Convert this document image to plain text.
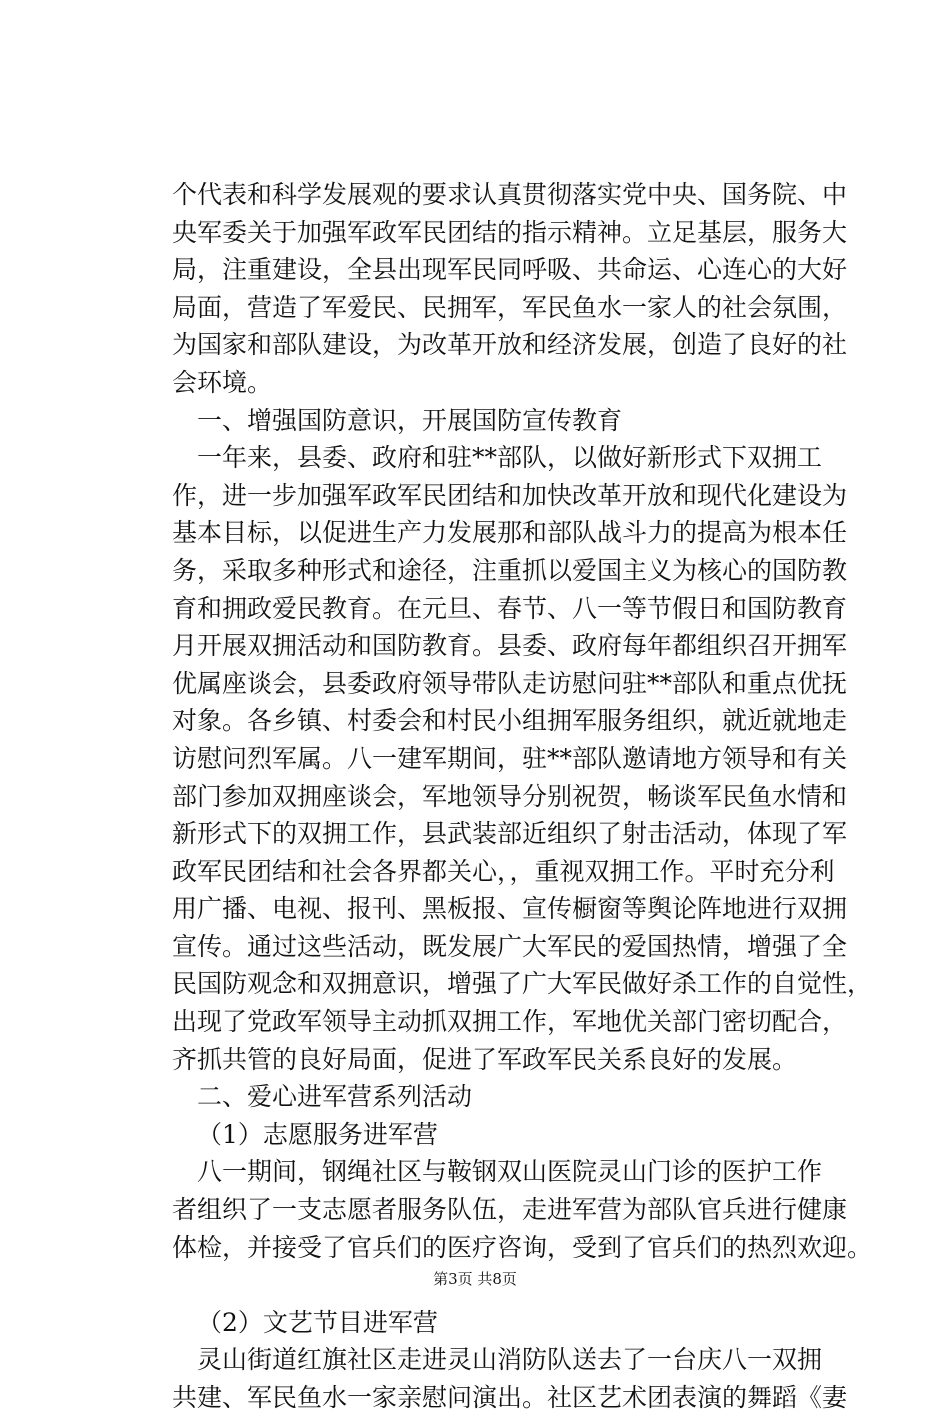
个代表和科学发展观的要求认真贯彻落实党中央、国务院、中
央军委关于加强军政军民团结的指示精神。立足基层，服务大
局，注重建设，全县出现军民同呼吸、共命运、心连心的大好
局面，营造了军爱民、民拥军，军民鱼水一家人的社会氛围，
为国家和部队建设，为改革开放和经济发展，创造了良好的社
会环境。
一、增强国防意识，开展国防宣传教育
一年来，县委、政府和驻**部队，以做好新形式下双拥工
作，进一步加强军政军民团结和加快改革开放和现代化建设为
基本目标，以促进生产力发展那和部队战斗力的提高为根本任
务，采取多种形式和途径，注重抓以爱国主义为核心的国防教
育和拥政爱民教育。在元旦、春节、八一等节假日和国防教育
月开展双拥活动和国防教育。县委、政府每年都组织召开拥军
优属座谈会，县委政府领导带队走访慰问驻**部队和重点优抚
对象。各乡镇、村委会和村民小组拥军服务组织，就近就地走
访慰问烈军属。八一建军期间，驻**部队邀请地方领导和有关
部门参加双拥座谈会，军地领导分别祝贺，畅谈军民鱼水情和
新形式下的双拥工作，县武装部近组织了射击活动，体现了军
政军民团结和社会各界都关心，，重视双拥工作。平时充分利
用广播、电视、报刊、黑板报、宣传橱窗等舆论阵地进行双拥
宣传。通过这些活动，既发展广大军民的爱国热情，增强了全
民国防观念和双拥意识，增强了广大军民做好杀工作的自觉性，
出现了党政军领导主动抓双拥工作，军地优关部门密切配合，
齐抓共管的良好局面，促进了军政军民关系良好的发展。
二、爱心进军营系列活动
（1）志愿服务进军营
八一期间，钢绳社区与鞍钢双山医院灵山门诊的医护工作
者组织了一支志愿者服务队伍，走进军营为部队官兵进行健康
体检，并接受了官兵们的医疗咨询，受到了官兵们的热烈欢迎。
（2）文艺节目进军营
灵山街道红旗社区走进灵山消防队送去了一台庆八一双拥
共建、军民鱼水一家亲慰问演出。社区艺术团表演的舞蹈《妻
第3页 共8页
